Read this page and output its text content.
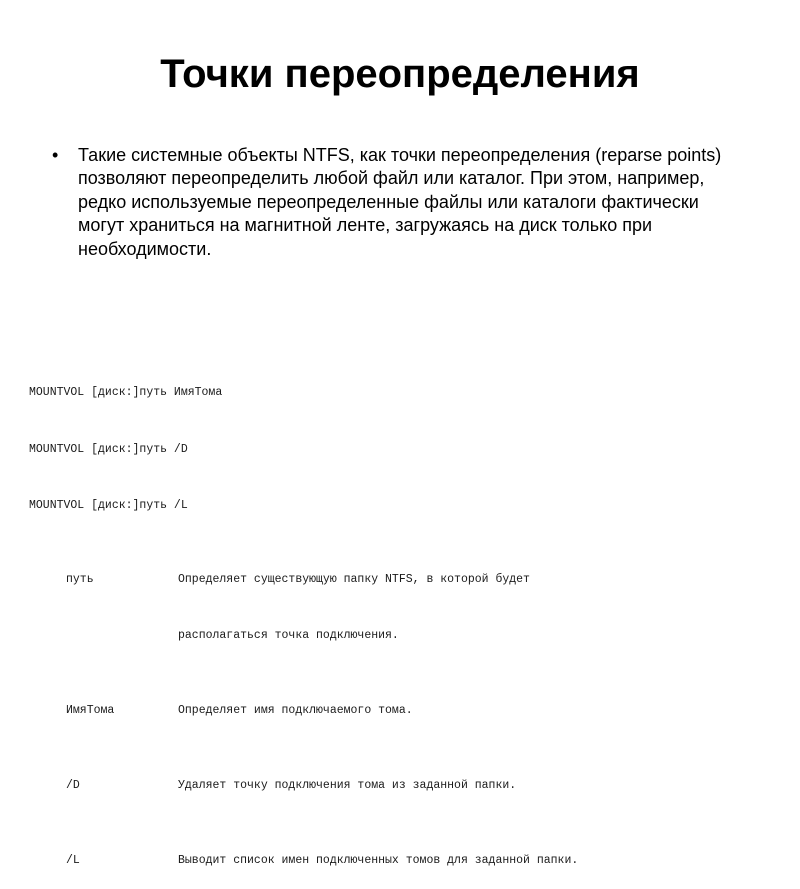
Точки переопределения
•	Такие системные объекты NTFS, как точки переопределения (reparse points) позволяют переопределить любой файл или каталог. При этом, например, редко используемые переопределенные файлы или каталоги фактически могут храниться на магнитной ленте, загружаясь на диск только при необходимости.

MOUNTVOL [диск:]путь ИмяТома

MOUNTVOL [диск:]путь /D

MOUNTVOL [диск:]путь /L

путь	Определяет существующую папку NTFS, в которой будет

располагаться точка подключения.

ИмяТома	Определяет имя подключаемого тома.

/D	Удаляет точку подключения тома из заданной папки.

/L	Выводит список имен подключенных томов для заданной папки.
